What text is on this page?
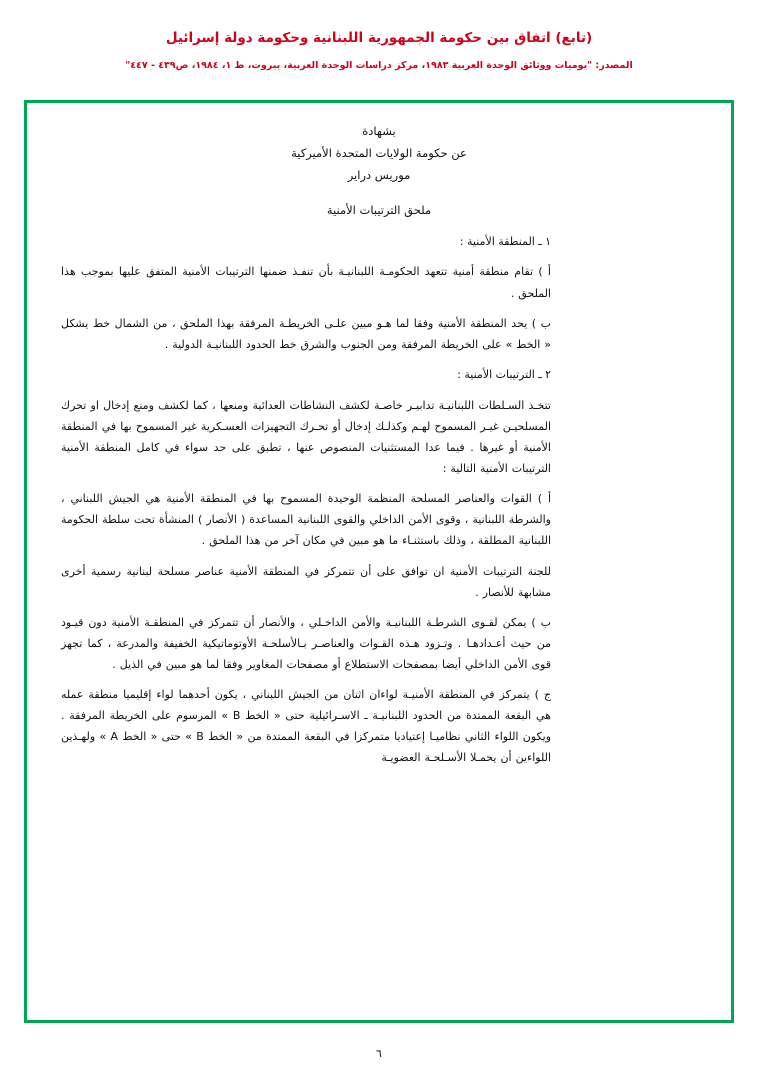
(تابع) اتفاق بين حكومة الجمهورية اللبنانية وحكومة دولة إسرائيل
المصدر: "يوميات ووثائق الوحدة العربية ١٩٨٣، مركز دراسات الوحدة العربية، بيروت، ط ١، ١٩٨٤، ص٤٣٩ - ٤٤٧"
بشهادة
عن حكومة الولايات المتحدة الأميركية
موريس دراير
ملحق الترتيبات الأمنية
١ ـ المنطقة الأمنية :
أ ) تقام منطقة أمنية تتعهد الحكومـة اللبنانيـة بأن تنفـذ ضمنها الترتيبات الأمنية المتفق عليها بموجب هذا الملحق .
ب ) يحد المنطقة الأمنية وفقا لما هـو مبين علـى الخريطـة المرفقة بهذا الملحق ، من الشمال خط يشكل « الخط » على الخريطة المرفقة ومن الجنوب والشرق خط الحدود اللبنانيـة الدولية .
٢ ـ الترتيبات الأمنية :
تتخـذ السـلطات اللبنانيـة تدابيـر خاصـة لكشف النشاطات العدائية ومنعها ، كما لكشف ومنع إدخال او تحرك المسلحيـن غيـر المسموح لهـم وكذلـك إدخال أو تحـرك التجهيزات العسـكرية غير المسموح بها في المنطقة الأمنية أو غيرها . فيما عدا المستثنيات المنصوص عنها ، تطبق على حد سواء في كامل المنطقة الأمنية الترتيبات الأمنية التالية :
أ ) القوات والعناصر المسلحة المنظمة الوحيدة المسموح بها في المنطقة الأمنية هي الجيش اللبناني ، والشرطة اللبنانية ، وقوى الأمن الداخلي والقوى اللبنانية المساعدة ( الأنصار ) المنشأة تحت سلطة الحكومة اللبنانية المطلقة ، وذلك باستثنـاء ما هو مبين في مكان آخر من هذا الملحق .
للجنة الترتيبات الأمنية ان توافق على أن تتمركز في المنطقة الأمنية عناصر مسلحة لبنانية رسمية أخرى مشابهة للأنصار .
ب ) يمكن لقـوى الشرطـة اللبنانيـة والأمن الداخـلي ، والأنصار أن تتمركز في المنطقـة الأمنية دون قيـود من حيث أعـدادهـا . وتـزود هـذه القـوات والعناصـر بـالأسلحـة الأوتوماتيكية الخفيفة والمدرعة ، كما تجهز قوى الأمن الداخلي أيضا بمصفحات الاستطلاع أو مصفحات المغاوير وفقا لما هو مبين في الذيل .
ج ) يتمركز في المنطقة الأمنيـة لواءان اثنان من الجيش اللبناني ، يكون أحدهما لواء إقليميا منطقة عمله هي البقعة الممتدة من الحدود اللبنانيـة ـ الاسـرائيلية حتى « الخط B » المرسوم على الخريطة المرفقة . ويكون اللواء الثاني نظاميـا إعتياديا متمركزا في البقعة الممتدة من « الخط B » حتى « الخط A » ولهـذين اللواءين أن يحمـلا الأسـلحـة العضويـة
٦
